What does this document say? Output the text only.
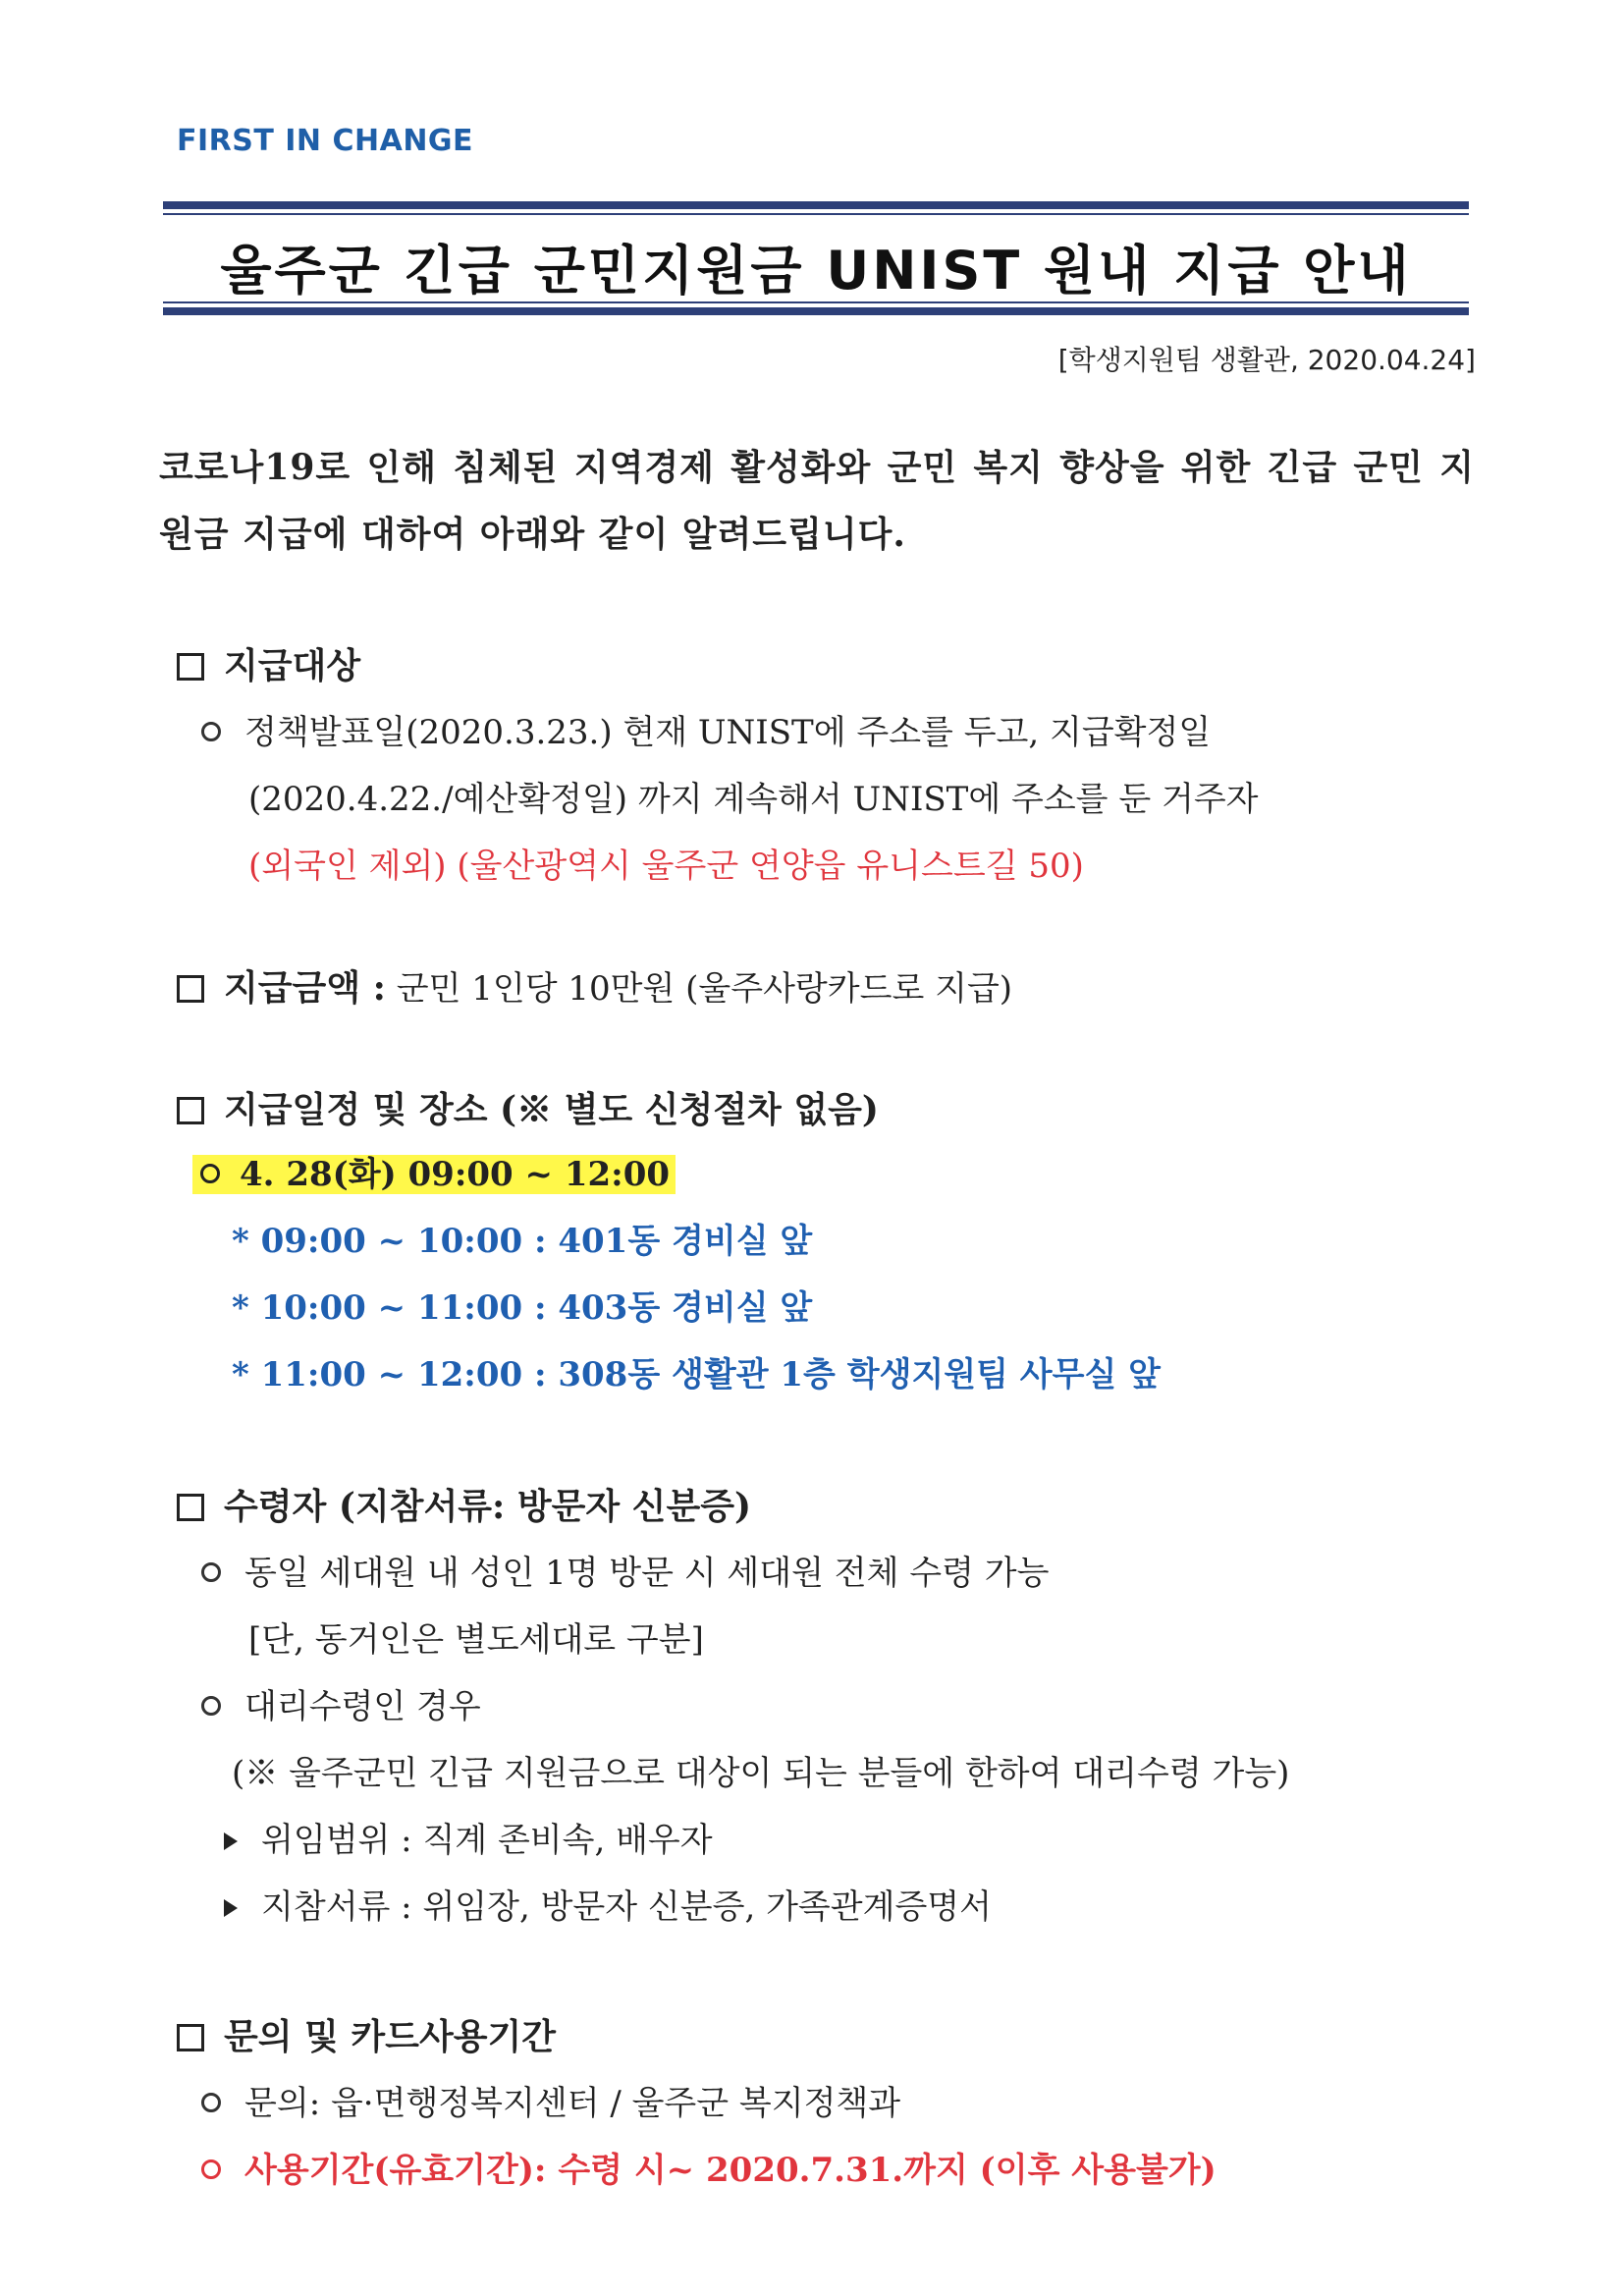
FIRST IN CHANGE
울주군 긴급 군민지원금 UNIST 원내 지급 안내
[학생지원팀 생활관, 2020.04.24]
코로나19로 인해 침체된 지역경제 활성화와 군민 복지 향상을 위한 긴급 군민 지원금 지급에 대하여 아래와 같이 알려드립니다.
지급대상
정책발표일(2020.3.23.) 현재 UNIST에 주소를 두고, 지급확정일
(2020.4.22./예산확정일) 까지 계속해서 UNIST에 주소를 둔 거주자
(외국인 제외) (울산광역시 울주군 연양읍 유니스트길 50)
지급금액 : 군민 1인당 10만원 (울주사랑카드로 지급)
지급일정 및 장소 (※ 별도 신청절차 없음)
4. 28(화) 09:00 ~ 12:00
* 09:00 ~ 10:00 : 401동 경비실 앞
* 10:00 ~ 11:00 : 403동 경비실 앞
* 11:00 ~ 12:00 : 308동 생활관 1층 학생지원팀 사무실 앞
수령자 (지참서류: 방문자 신분증)
동일 세대원 내 성인 1명 방문 시 세대원 전체 수령 가능
[단, 동거인은 별도세대로 구분]
대리수령인 경우
(※ 울주군민 긴급 지원금으로 대상이 되는 분들에 한하여 대리수령 가능)
위임범위 : 직계 존비속, 배우자
지참서류 : 위임장, 방문자 신분증, 가족관계증명서
문의 및 카드사용기간
문의: 읍·면행정복지센터 / 울주군 복지정책과
사용기간(유효기간): 수령 시~ 2020.7.31.까지 (이후 사용불가)
